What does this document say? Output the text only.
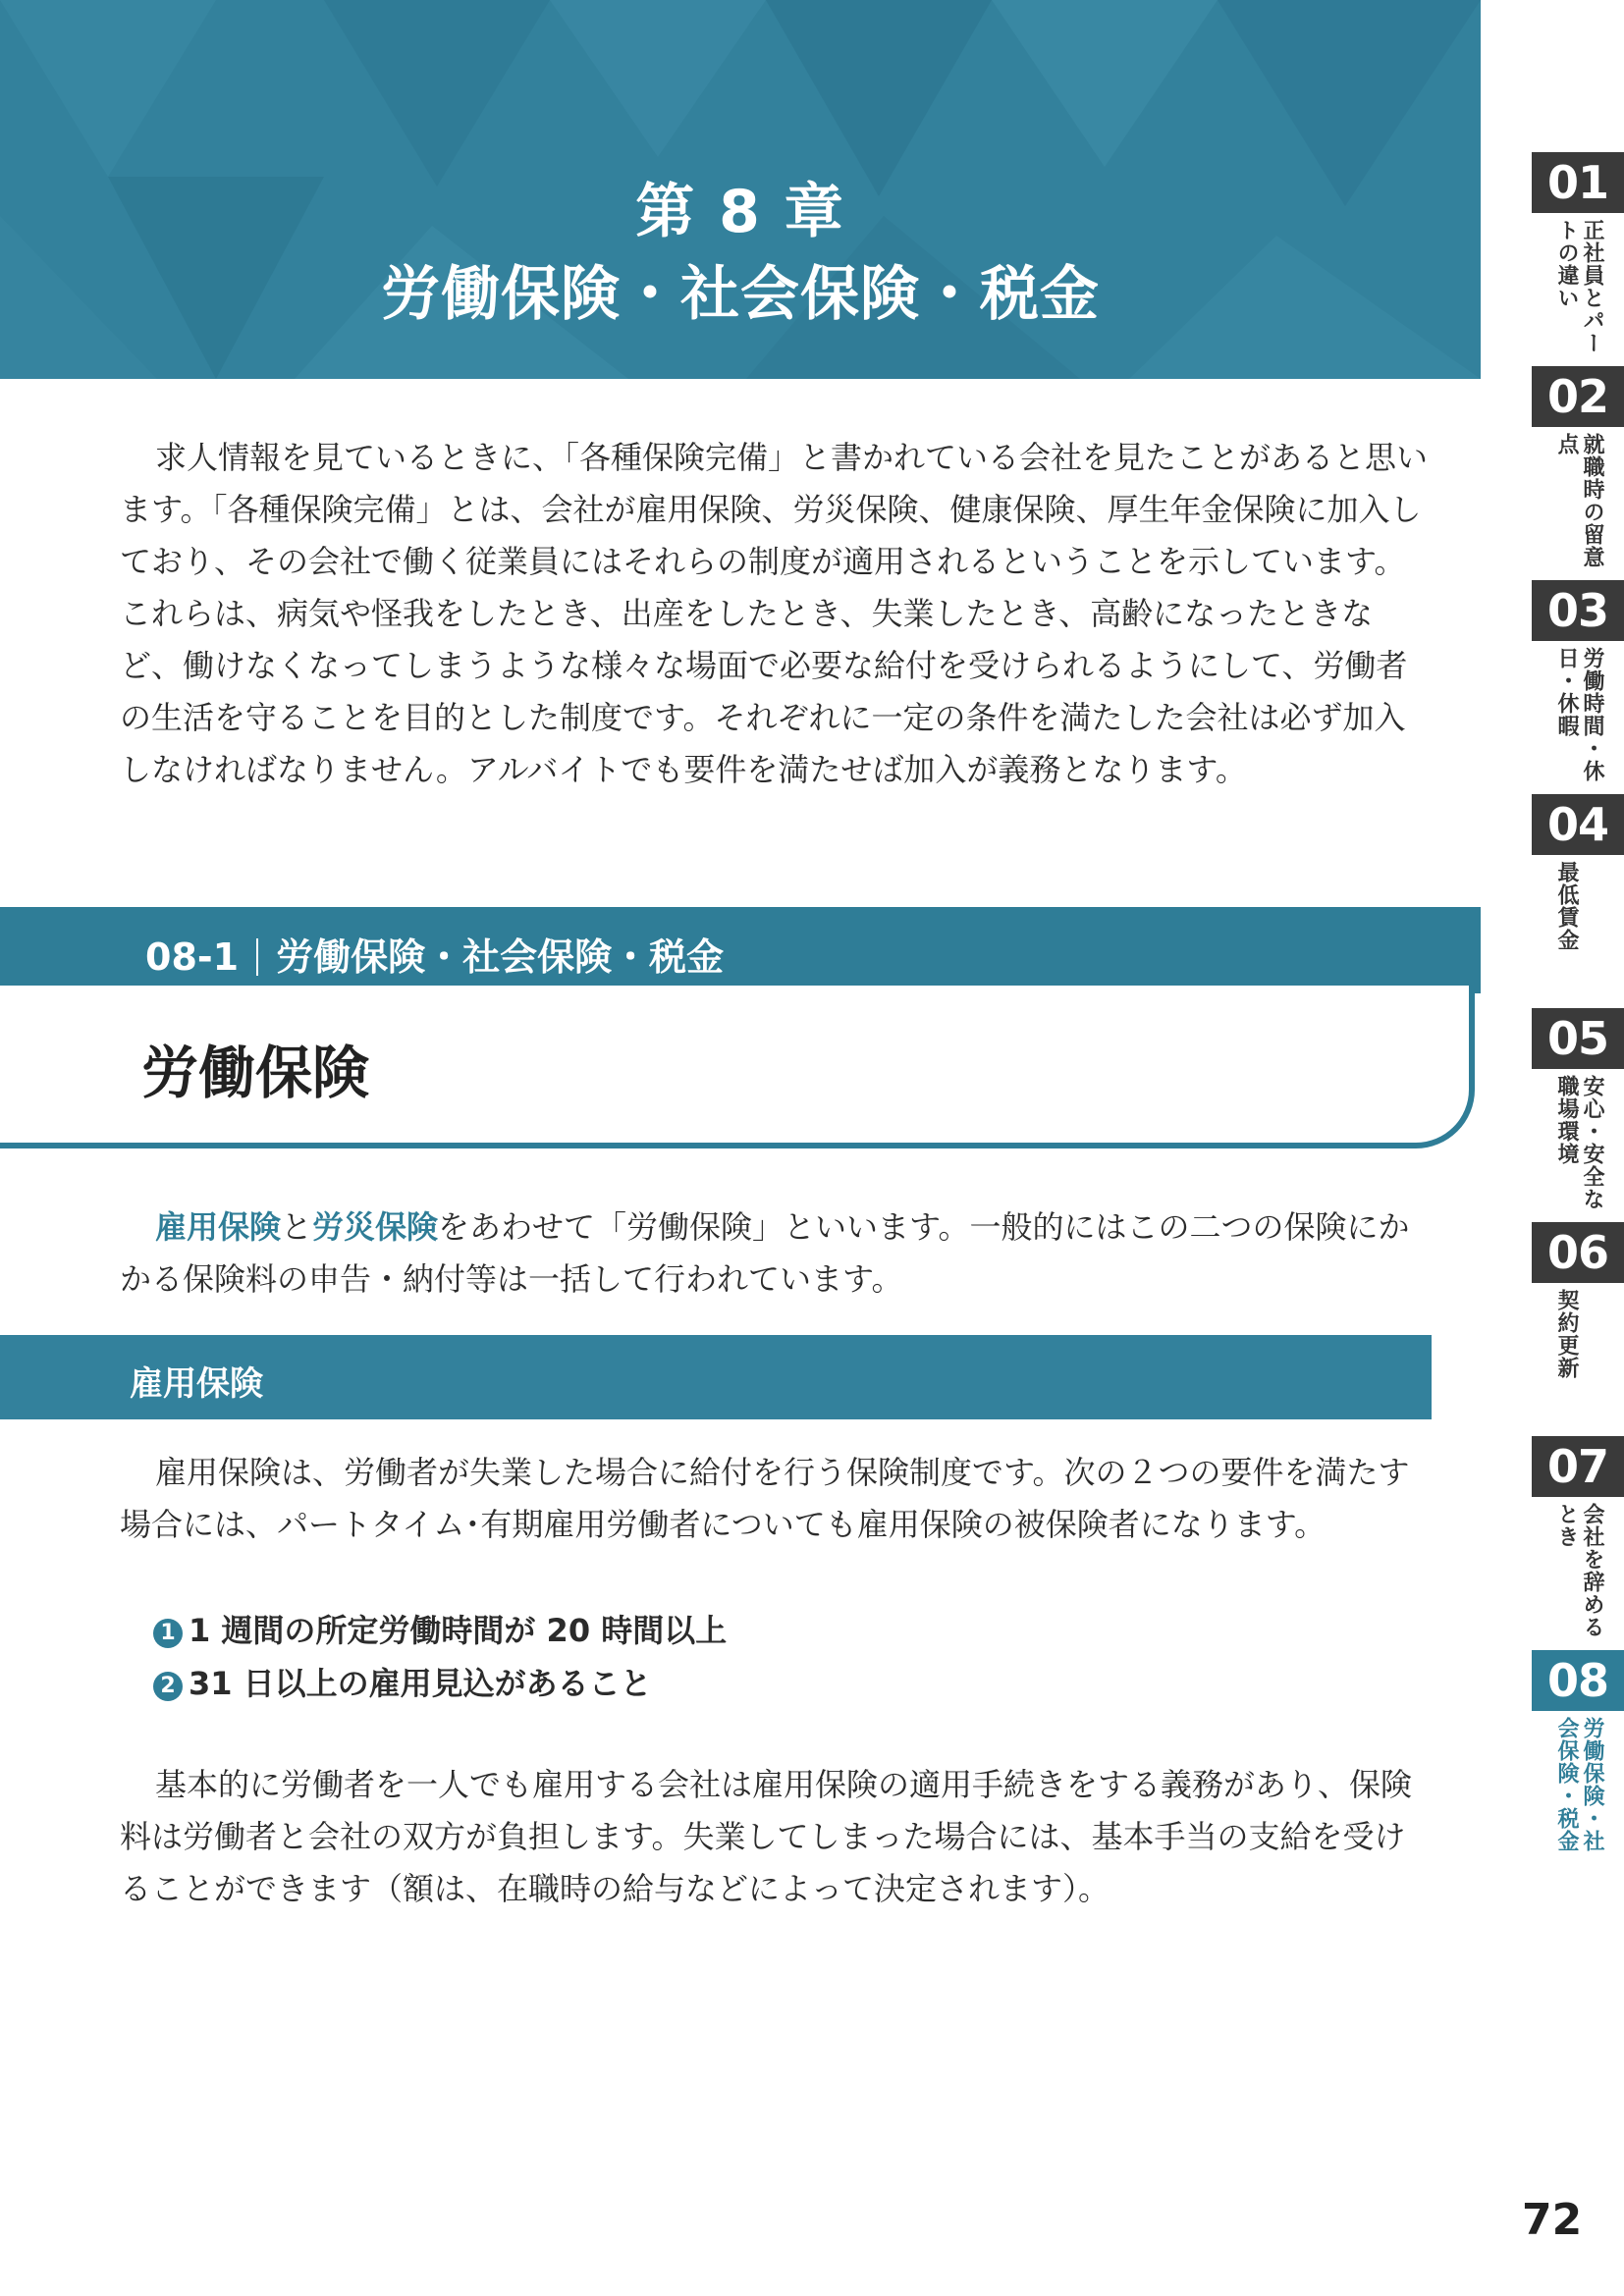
第 8 章
労働保険・社会保険・税金

求人情報を見ているときに、「各種保険完備」と書かれている会社を見たことがあると思います。「各種保険完備」とは、会社が雇用保険、労災保険、健康保険、厚生年金保険に加入しており、その会社で働く従業員にはそれらの制度が適用されるということを示しています。これらは、病気や怪我をしたとき、出産をしたとき、失業したとき、高齢になったときなど、働けなくなってしまうような様々な場面で必要な給付を受けられるようにして、労働者の生活を守ることを目的とした制度です。それぞれに一定の条件を満たした会社は必ず加入しなければなりません。アルバイトでも要件を満たせば加入が義務となります。

08-1 労働保険・社会保険・税金
労働保険

雇用保険と労災保険をあわせて「労働保険」といいます。一般的にはこの二つの保険にかかる保険料の申告・納付等は一括して行われています。

雇用保険

雇用保険は、労働者が失業した場合に給付を行う保険制度です。次の２つの要件を満たす場合には、パートタイム･有期雇用労働者についても雇用保険の被保険者になります。

1 1 週間の所定労働時間が 20 時間以上
2 31 日以上の雇用見込があること

基本的に労働者を一人でも雇用する会社は雇用保険の適用手続きをする義務があり、保険料は労働者と会社の双方が負担します。失業してしまった場合には、基本手当の支給を受けることができます（額は、在職時の給与などによって決定されます）。

01
正社員とパートの違い
02
就職時の留意点
03
労働時間・休日・休暇
04
最低賃金
05
安心・安全な職場環境
06
契約更新
07
会社を辞めるとき
08
労働保険・社会保険・税金
72
